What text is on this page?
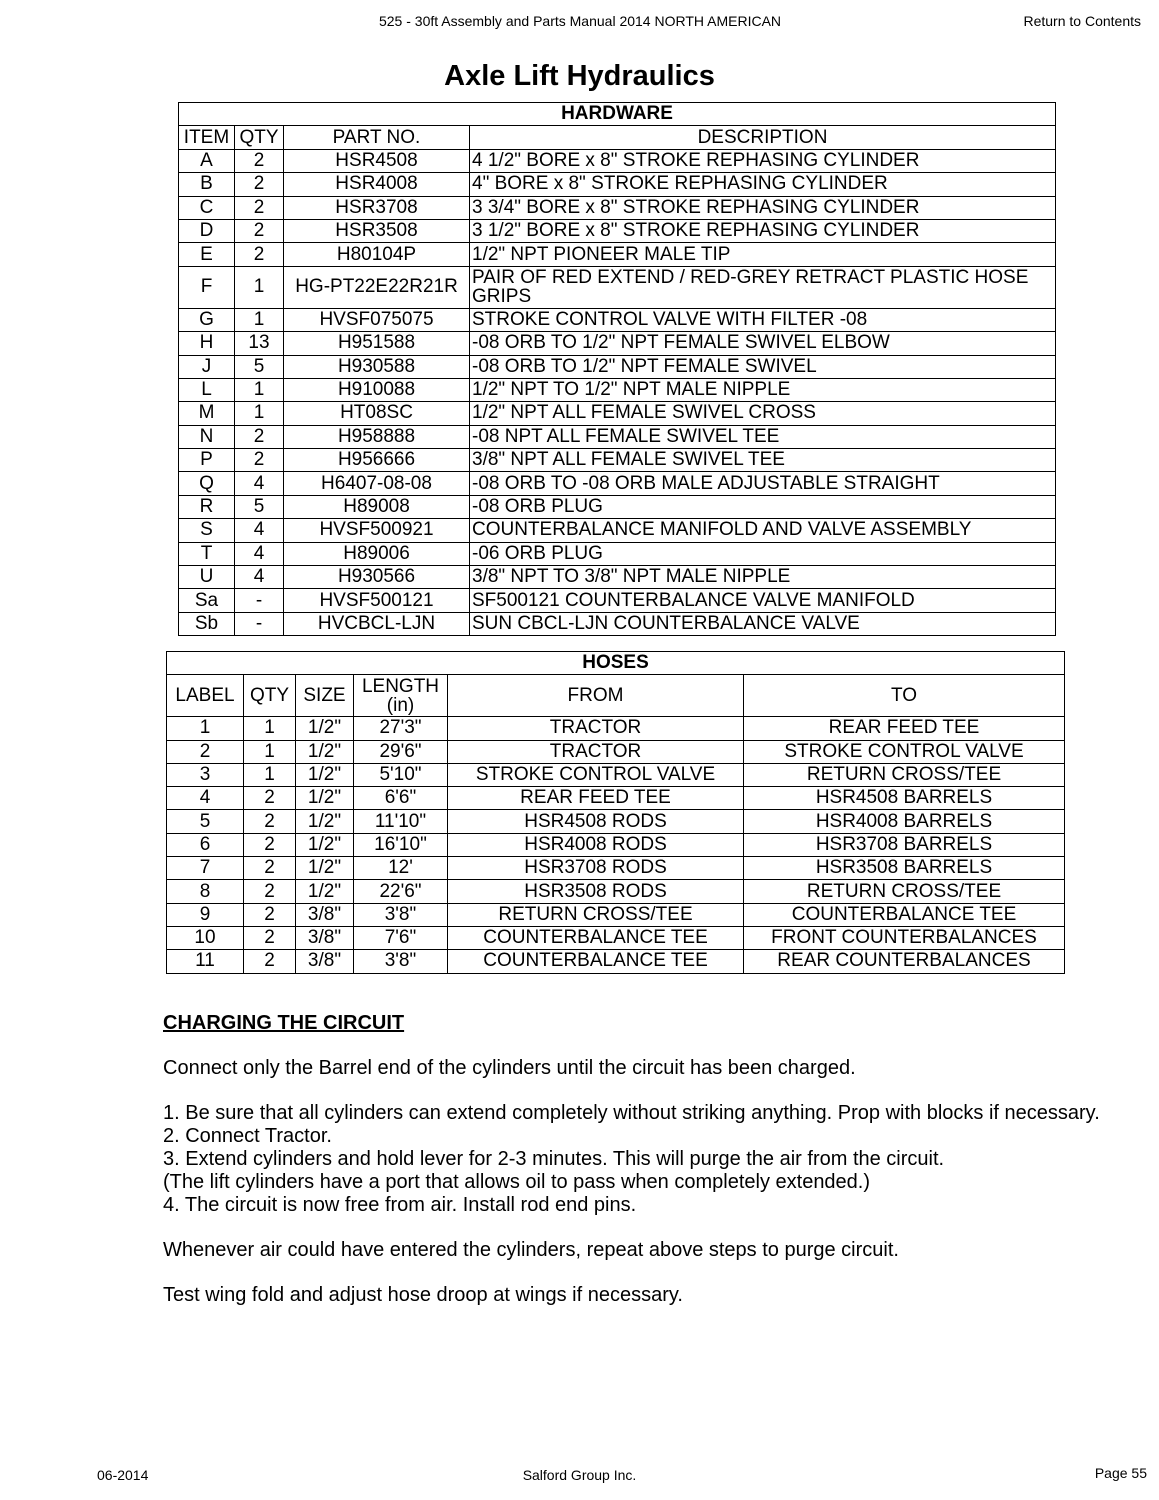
525 - 30ft Assembly and Parts Manual 2014 NORTH AMERICAN	Return to Contents
Axle Lift Hydraulics
HARDWARE			
ITEM	QTY	PART NO.	DESCRIPTION
A	2	HSR4508	4 1/2" BORE x 8" STROKE REPHASING CYLINDER
B	2	HSR4008	4" BORE x 8" STROKE REPHASING CYLINDER
C	2	HSR3708	3 3/4" BORE x 8" STROKE REPHASING CYLINDER
D	2	HSR3508	3 1/2" BORE x 8" STROKE REPHASING CYLINDER
E	2	H80104P	1/2" NPT PIONEER MALE TIP
F	1	HG-PT22E22R21R	PAIR OF RED EXTEND / RED-GREY RETRACT PLASTIC HOSE GRIPS
G	1	HVSF075075	STROKE CONTROL VALVE WITH FILTER -08
H	13	H951588	-08 ORB TO 1/2" NPT FEMALE SWIVEL ELBOW
J	5	H930588	-08 ORB TO 1/2" NPT FEMALE SWIVEL
L	1	H910088	1/2" NPT TO 1/2" NPT MALE NIPPLE
M	1	HT08SC	1/2" NPT ALL FEMALE SWIVEL CROSS
N	2	H958888	-08 NPT ALL FEMALE SWIVEL TEE
P	2	H956666	3/8" NPT ALL FEMALE SWIVEL TEE
Q	4	H6407-08-08	-08 ORB TO -08 ORB MALE ADJUSTABLE STRAIGHT
R	5	H89008	-08 ORB PLUG
S	4	HVSF500921	COUNTERBALANCE MANIFOLD AND VALVE ASSEMBLY
T	4	H89006	-06 ORB PLUG
U	4	H930566	3/8" NPT TO 3/8" NPT MALE NIPPLE
Sa	-	HVSF500121	SF500121 COUNTERBALANCE VALVE MANIFOLD
Sb	-	HVCBCL-LJN	SUN CBCL-LJN COUNTERBALANCE VALVE
HOSES					
LABEL	QTY	SIZE	LENGTH (in)	FROM	TO
1	1	1/2"	27'3"	TRACTOR	REAR FEED TEE
2	1	1/2"	29'6"	TRACTOR	STROKE CONTROL VALVE
3	1	1/2"	5'10"	STROKE CONTROL VALVE	RETURN CROSS/TEE
4	2	1/2"	6'6"	REAR FEED TEE	HSR4508 BARRELS
5	2	1/2"	11'10"	HSR4508 RODS	HSR4008 BARRELS
6	2	1/2"	16'10"	HSR4008 RODS	HSR3708 BARRELS
7	2	1/2"	12'	HSR3708 RODS	HSR3508 BARRELS
8	2	1/2"	22'6"	HSR3508 RODS	RETURN CROSS/TEE
9	2	3/8"	3'8"	RETURN CROSS/TEE	COUNTERBALANCE TEE
10	2	3/8"	7'6"	COUNTERBALANCE TEE	FRONT COUNTERBALANCES
11	2	3/8"	3'8"	COUNTERBALANCE TEE	REAR COUNTERBALANCES
CHARGING THE CIRCUIT

Connect only the Barrel end of the cylinders until the circuit has been charged.

1. Be sure that all cylinders can extend completely without striking anything. Prop with blocks if necessary.

2. Connect Tractor.

3. Extend cylinders and hold lever for 2-3 minutes. This will purge the air from the circuit.

(The lift cylinders have a port that allows oil to pass when completely extended.)

4. The circuit is now free from air. Install rod end pins.

Whenever air could have entered the cylinders, repeat above steps to purge circuit.

Test wing fold and adjust hose droop at wings if necessary.

06-2014	Salford Group Inc.	Page 55
